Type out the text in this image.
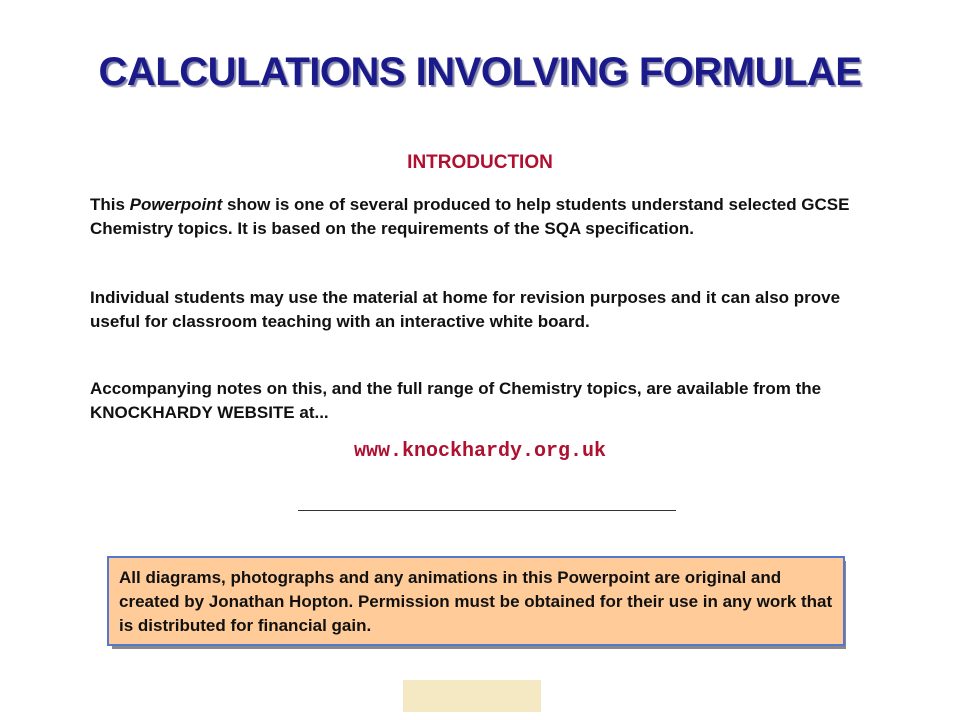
CALCULATIONS INVOLVING FORMULAE
INTRODUCTION
This Powerpoint show is one of several produced to help students understand selected GCSE Chemistry topics. It is based on the requirements of the SQA specification.
Individual students may use the material at home for revision purposes and it can also prove useful for classroom teaching with an interactive white board.
Accompanying notes on this, and the full range of Chemistry topics, are available from the KNOCKHARDY WEBSITE at...
www.knockhardy.org.uk
All diagrams, photographs and any animations in this Powerpoint are original and created by Jonathan Hopton. Permission must be obtained for their use in any work that is distributed for financial gain.
